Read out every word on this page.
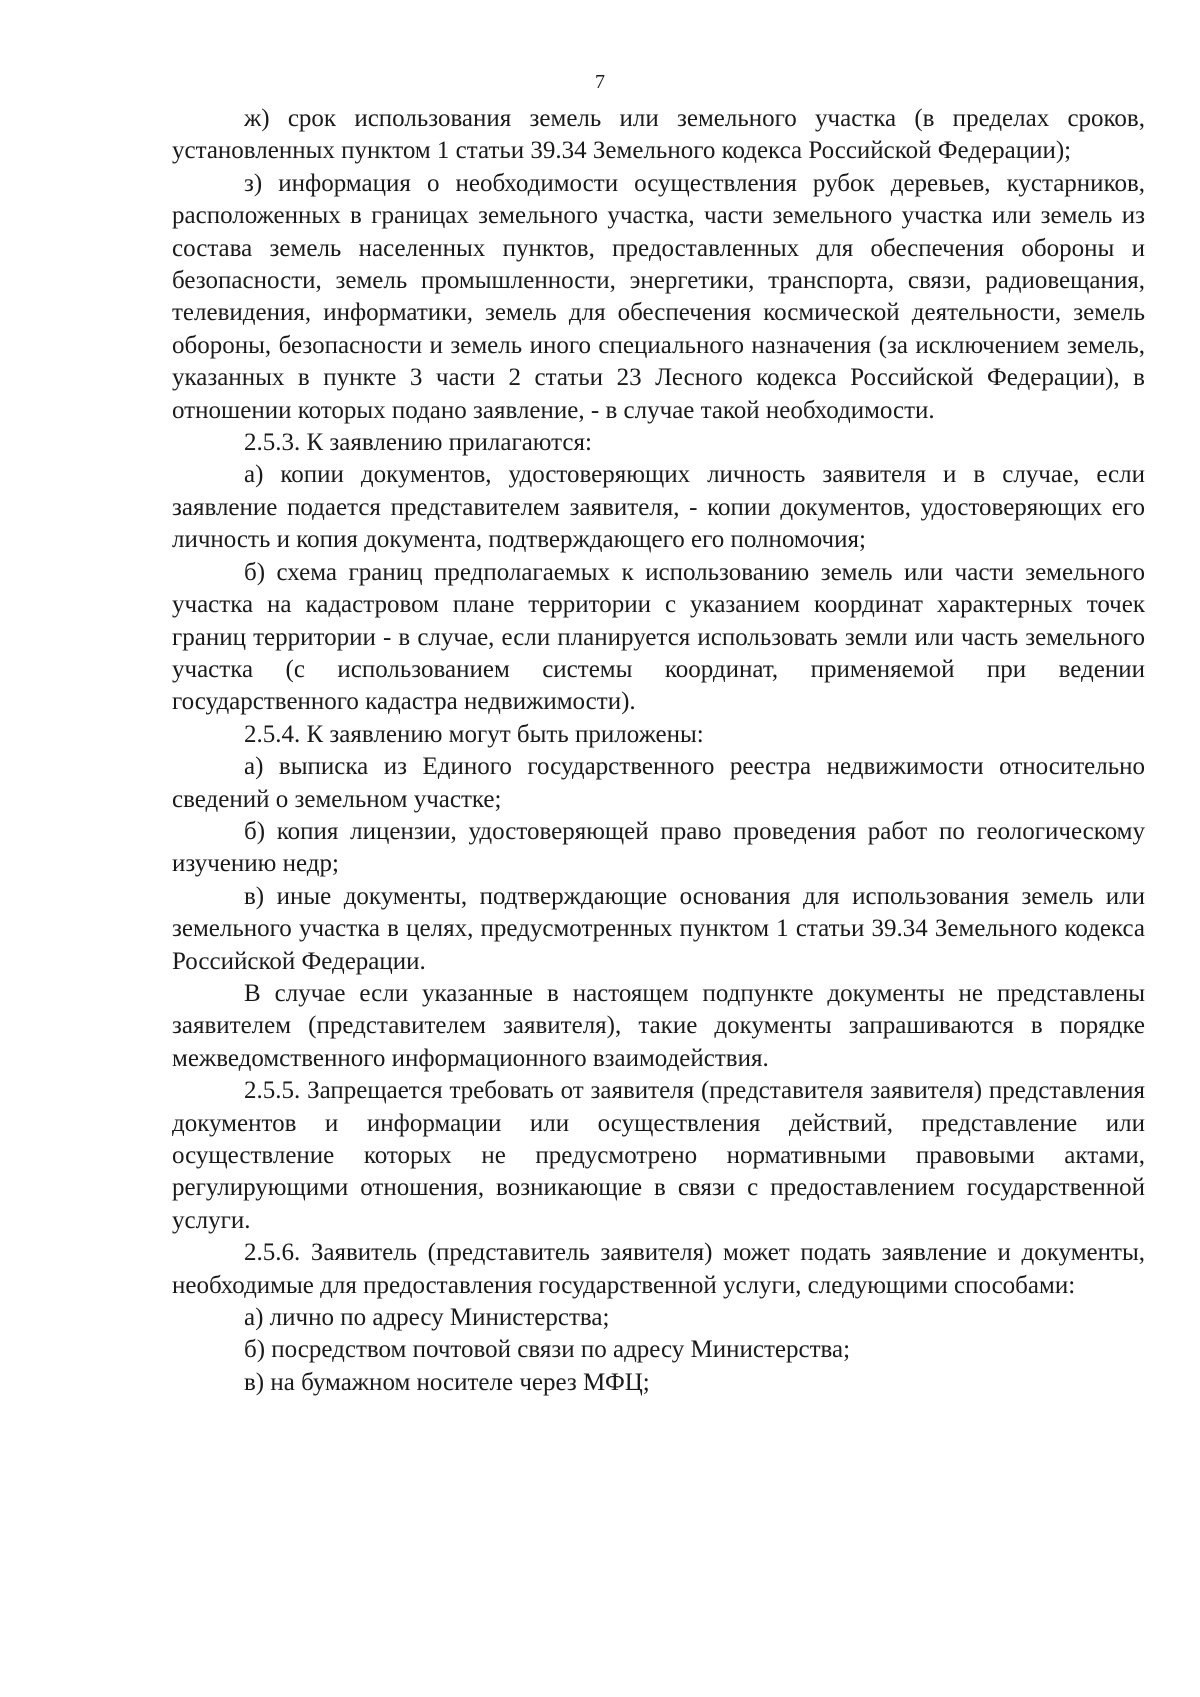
7

ж) срок использования земель или земельного участка (в пределах сроков, установленных пунктом 1 статьи 39.34 Земельного кодекса Российской Федерации);

з) информация о необходимости осуществления рубок деревьев, кустарников, расположенных в границах земельного участка, части земельного участка или земель из состава земель населенных пунктов, предоставленных для обеспечения обороны и безопасности, земель промышленности, энергетики, транспорта, связи, радиовещания, телевидения, информатики, земель для обеспечения космической деятельности, земель обороны, безопасности и земель иного специального назначения (за исключением земель, указанных в пункте 3 части 2 статьи 23 Лесного кодекса Российской Федерации), в отношении которых подано заявление, - в случае такой необходимости.

2.5.3. К заявлению прилагаются:

а) копии документов, удостоверяющих личность заявителя и в случае, если заявление подается представителем заявителя, - копии документов, удостоверяющих его личность и копия документа, подтверждающего его полномочия;

б) схема границ предполагаемых к использованию земель или части земельного участка на кадастровом плане территории с указанием координат характерных точек границ территории - в случае, если планируется использовать земли или часть земельного участка (с использованием системы координат, применяемой при ведении государственного кадастра недвижимости).

2.5.4. К заявлению могут быть приложены:

а) выписка из Единого государственного реестра недвижимости относительно сведений о земельном участке;

б) копия лицензии, удостоверяющей право проведения работ по геологическому изучению недр;

в) иные документы, подтверждающие основания для использования земель или земельного участка в целях, предусмотренных пунктом 1 статьи 39.34 Земельного кодекса Российской Федерации.

В случае если указанные в настоящем подпункте документы не представлены заявителем (представителем заявителя), такие документы запрашиваются в порядке межведомственного информационного взаимодействия.

2.5.5. Запрещается требовать от заявителя (представителя заявителя) представления документов и информации или осуществления действий, представление или осуществление которых не предусмотрено нормативными правовыми актами, регулирующими отношения, возникающие в связи с предоставлением государственной услуги.

2.5.6. Заявитель (представитель заявителя) может подать заявление и документы, необходимые для предоставления государственной услуги, следующими способами:

а) лично по адресу Министерства;

б) посредством почтовой связи по адресу Министерства;

в) на бумажном носителе через МФЦ;
